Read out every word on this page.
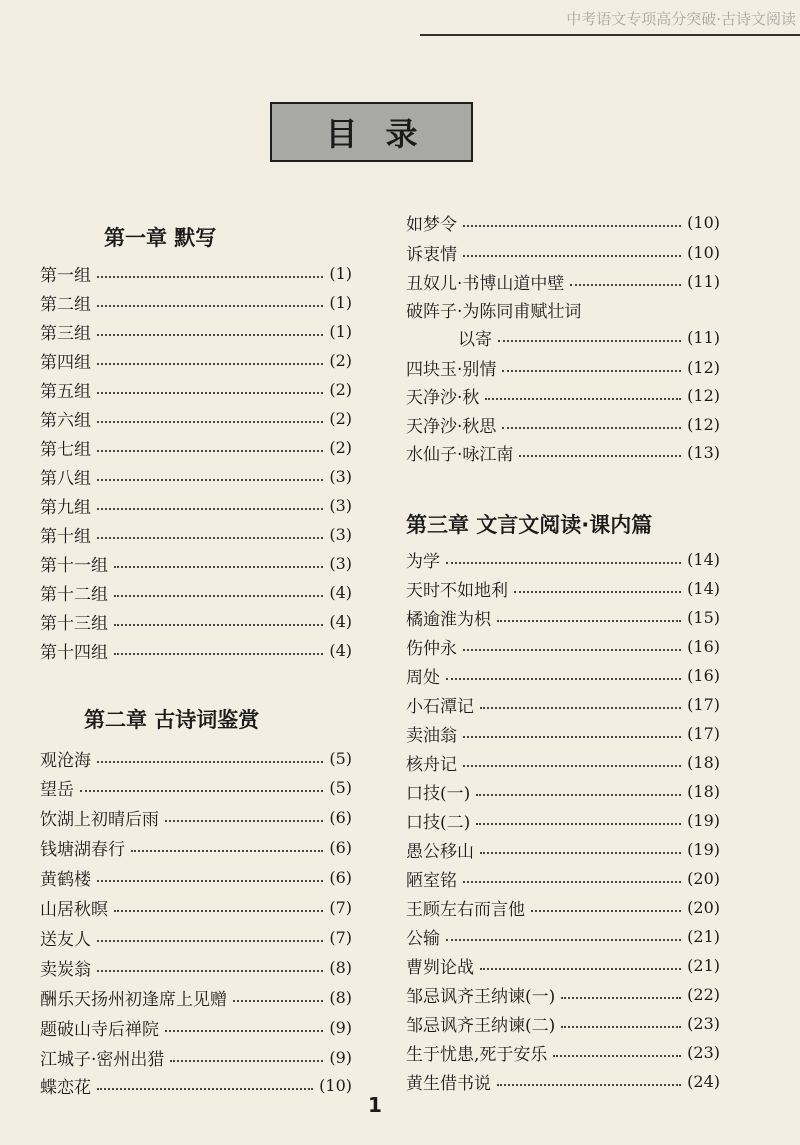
中考语文专项高分突破·古诗文阅读
目录
第一章 默写
第一组	(1)
第二组	(1)
第三组	(1)
第四组	(2)
第五组	(2)
第六组	(2)
第七组	(2)
第八组	(3)
第九组	(3)
第十组	(3)
第十一组	(3)
第十二组	(4)
第十三组	(4)
第十四组	(4)
第二章 古诗词鉴赏
观沧海	(5)
望岳	(5)
饮湖上初晴后雨	(6)
钱塘湖春行	(6)
黄鹤楼	(6)
山居秋暝	(7)
送友人	(7)
卖炭翁	(8)
酬乐天扬州初逢席上见赠	(8)
题破山寺后禅院	(9)
江城子·密州出猎	(9)
蝶恋花	(10)
如梦令	(10)
诉衷情	(10)
丑奴儿·书博山道中壁	(11)
破阵子·为陈同甫赋壮词
以寄	(11)
四块玉·别情	(12)
天净沙·秋	(12)
天净沙·秋思	(12)
水仙子·咏江南	(13)
第三章 文言文阅读·课内篇
为学	(14)
天时不如地利	(14)
橘逾淮为枳	(15)
伤仲永	(16)
周处	(16)
小石潭记	(17)
卖油翁	(17)
核舟记	(18)
口技(一)	(18)
口技(二)	(19)
愚公移山	(19)
陋室铭	(20)
王顾左右而言他	(20)
公输	(21)
曹刿论战	(21)
邹忌讽齐王纳谏(一)	(22)
邹忌讽齐王纳谏(二)	(23)
生于忧患,死于安乐	(23)
黄生借书说	(24)
1
